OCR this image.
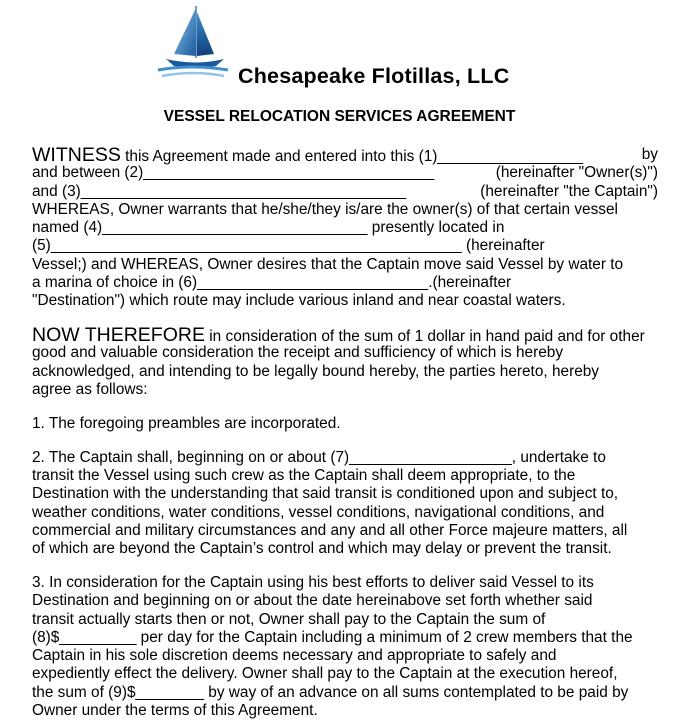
Chesapeake Flotillas, LLC
VESSEL RELOCATION SERVICES AGREEMENT
WITNESS this Agreement made and entered into this (1)_________________	by
and between (2)__________________________________	(hereinafter "Owner(s)")
and (3)______________________________________	(hereinafter "the Captain")
WHEREAS, Owner warrants that he/she/they is/are the owner(s) of that certain vessel
named (4)_______________________________ presently located in
(5)________________________________________________ (hereinafter
Vessel;) and WHEREAS, Owner desires that the Captain move said Vessel by water to
a marina of choice in (6)___________________________.(hereinafter
"Destination") which route may include various inland and near coastal waters.
NOW THEREFORE in consideration of the sum of 1 dollar in hand paid and for other
good and valuable consideration the receipt and sufficiency of which is hereby
acknowledged, and intending to be legally bound hereby, the parties hereto, hereby
agree as follows:
1. The foregoing preambles are incorporated.
2. The Captain shall, beginning on or about (7)___________________, undertake to
transit the Vessel using such crew as the Captain shall deem appropriate, to the
Destination with the understanding that said transit is conditioned upon and subject to,
weather conditions, water conditions, vessel conditions, navigational conditions, and
commercial and military circumstances and any and all other Force majeure matters, all
of which are beyond the Captain’s control and which may delay or prevent the transit.
3. In consideration for the Captain using his best efforts to deliver said Vessel to its
Destination and beginning on or about the date hereinabove set forth whether said
transit actually starts then or not, Owner shall pay to the Captain the sum of
(8)$_________ per day for the Captain including a minimum of 2 crew members that the
Captain in his sole discretion deems necessary and appropriate to safely and
expediently effect the delivery. Owner shall pay to the Captain at the execution hereof,
the sum of (9)$________ by way of an advance on all sums contemplated to be paid by
Owner under the terms of this Agreement.
